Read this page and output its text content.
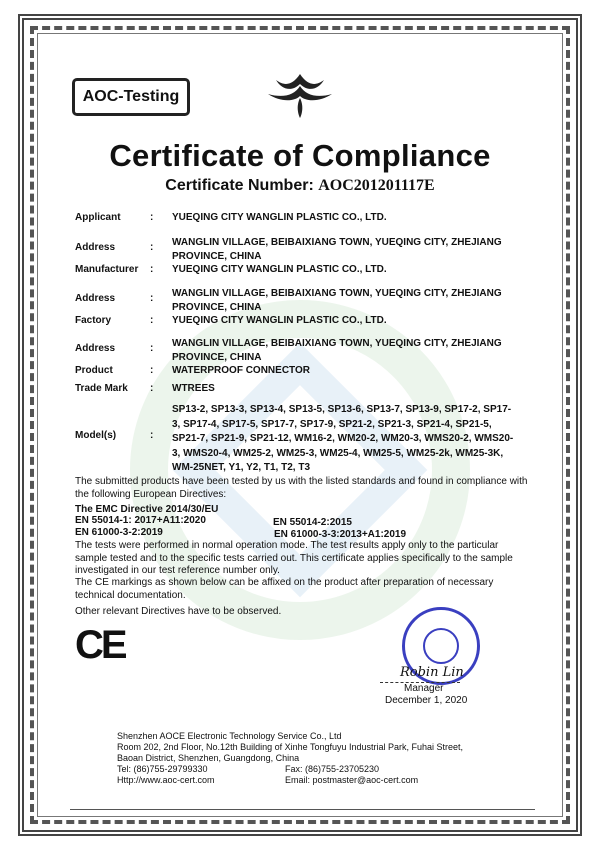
AOC-Testing
Certificate of Compliance
Certificate Number: AOC201201117E
Applicant	: YUEQING CITY WANGLIN PLASTIC CO., LTD.
Address	: WANGLIN VILLAGE, BEIBAIXIANG TOWN, YUEQING CITY, ZHEJIANG PROVINCE, CHINA
Manufacturer : YUEQING CITY WANGLIN PLASTIC CO., LTD.
Address	: WANGLIN VILLAGE, BEIBAIXIANG TOWN, YUEQING CITY, ZHEJIANG PROVINCE, CHINA
Factory	: YUEQING CITY WANGLIN PLASTIC CO., LTD.
Address	: WANGLIN VILLAGE, BEIBAIXIANG TOWN, YUEQING CITY, ZHEJIANG PROVINCE, CHINA
Product	: WATERPROOF CONNECTOR
Trade Mark : WTREES
Model(s)	:
SP13-2, SP13-3, SP13-4, SP13-5, SP13-6, SP13-7, SP13-9, SP17-2, SP17-3, SP17-4, SP17-5, SP17-7, SP17-9, SP21-2, SP21-3, SP21-4, SP21-5, SP21-7, SP21-9, SP21-12, WM16-2, WM20-2, WM20-3, WMS20-2, WMS20-3, WMS20-4, WM25-2, WM25-3, WM25-4, WM25-5, WM25-2k, WM25-3K, WM-25NET, Y1, Y2, T1, T2, T3
The submitted products have been tested by us with the listed standards and found in compliance with the following European Directives:
The EMC Directive 2014/30/EU
EN 55014-1: 2017+A11:2020	EN 55014-2:2015
EN 61000-3-2:2019	EN 61000-3-3:2013+A1:2019
The tests were performed in normal operation mode. The test results apply only to the particular sample tested and to the specific tests carried out. This certificate applies specifically to the sample investigated in our test reference number only.
The CE markings as shown below can be affixed on the product after preparation of necessary technical documentation.
Other relevant Directives have to be observed.
CE
Robin Lin
Manager
December 1, 2020
Shenzhen AOCE Electronic Technology Service Co., Ltd
Room 202, 2nd Floor, No.12th Building of Xinhe Tongfuyu Industrial Park, Fuhai Street,
Baoan District, Shenzhen, Guangdong, China
Tel: (86)755-29799330	Fax: (86)755-23705230
Http://www.aoc-cert.com	Email: postmaster@aoc-cert.com
